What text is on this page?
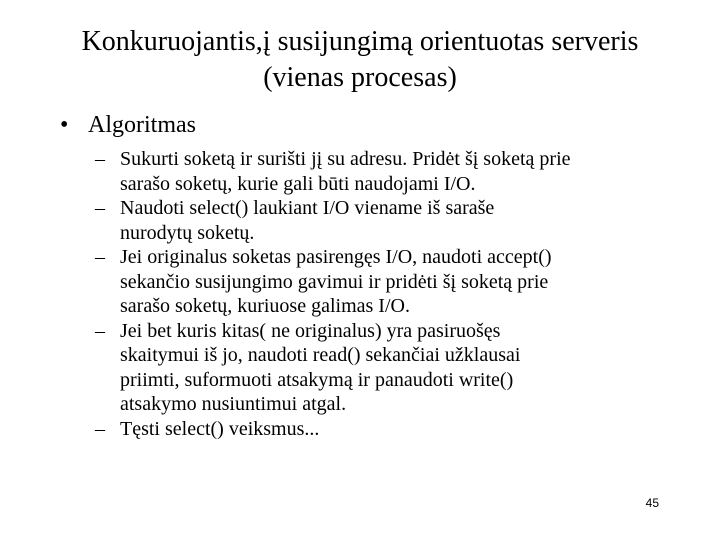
Konkuruojantis,į susijungimą orientuotas serveris
(vienas procesas)
• Algoritmas
– Sukurti soketą ir surišti jį su adresu. Pridėt šį soketą prie
sarašo soketų, kurie gali būti naudojami I/O.
– Naudoti select() laukiant I/O viename iš saraše
nurodytų soketų.
– Jei originalus soketas pasirengęs I/O, naudoti accept()
sekančio susijungimo gavimui ir pridėti šį soketą prie
sarašo soketų, kuriuose galimas I/O.
– Jei bet kuris kitas( ne originalus) yra pasiruošęs
skaitymui iš jo, naudoti read() sekančiai užklausai
priimti, suformuoti atsakymą ir panaudoti write()
atsakymo nusiuntimui atgal.
– Tęsti select() veiksmus...
45
